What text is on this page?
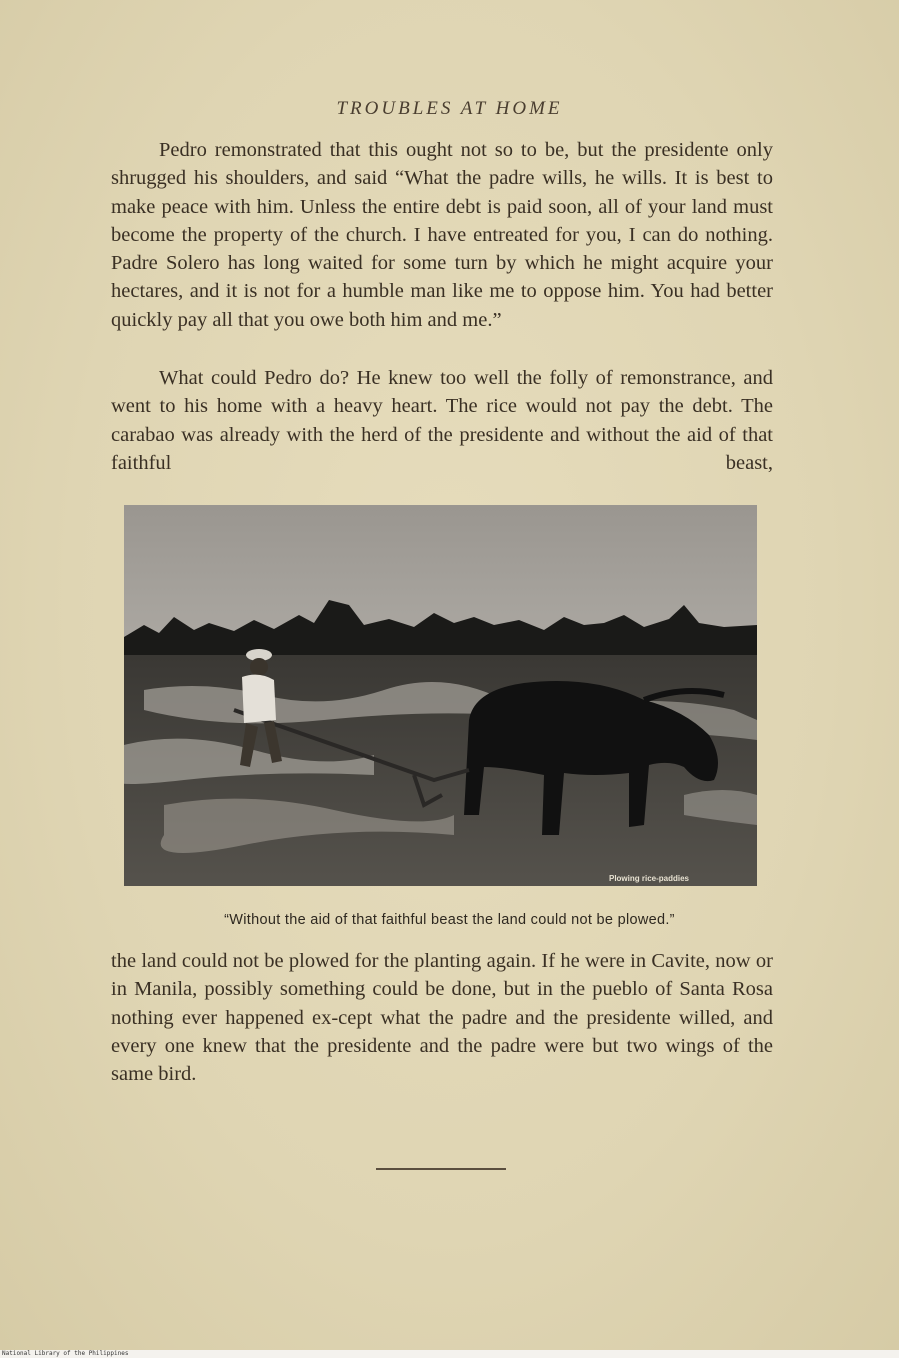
TROUBLES AT HOME

Pedro remonstrated that this ought not so to be, but the presidente only shrugged his shoulders, and said “What the padre wills, he wills. It is best to make peace with him. Unless the entire debt is paid soon, all of your land must become the property of the church. I have entreated for you, I can do nothing. Padre Solero has long waited for some turn by which he might acquire your hectares, and it is not for a humble man like me to oppose him. You had better quickly pay all that you owe both him and me.”

What could Pedro do? He knew too well the folly of remonstrance, and went to his home with a heavy heart. The rice would not pay the debt. The carabao was already with the herd of the presidente and without the aid of that faithful beast,

Plowing rice-paddies
“Without the aid of that faithful beast the land could not be plowed.”

the land could not be plowed for the planting again. If he were in Cavite, now or in Manila, possibly something could be done, but in the pueblo of Santa Rosa nothing ever happened ex-cept what the padre and the presidente willed, and every one knew that the presidente and the padre were but two wings of the same bird.

National Library of the Philippines
